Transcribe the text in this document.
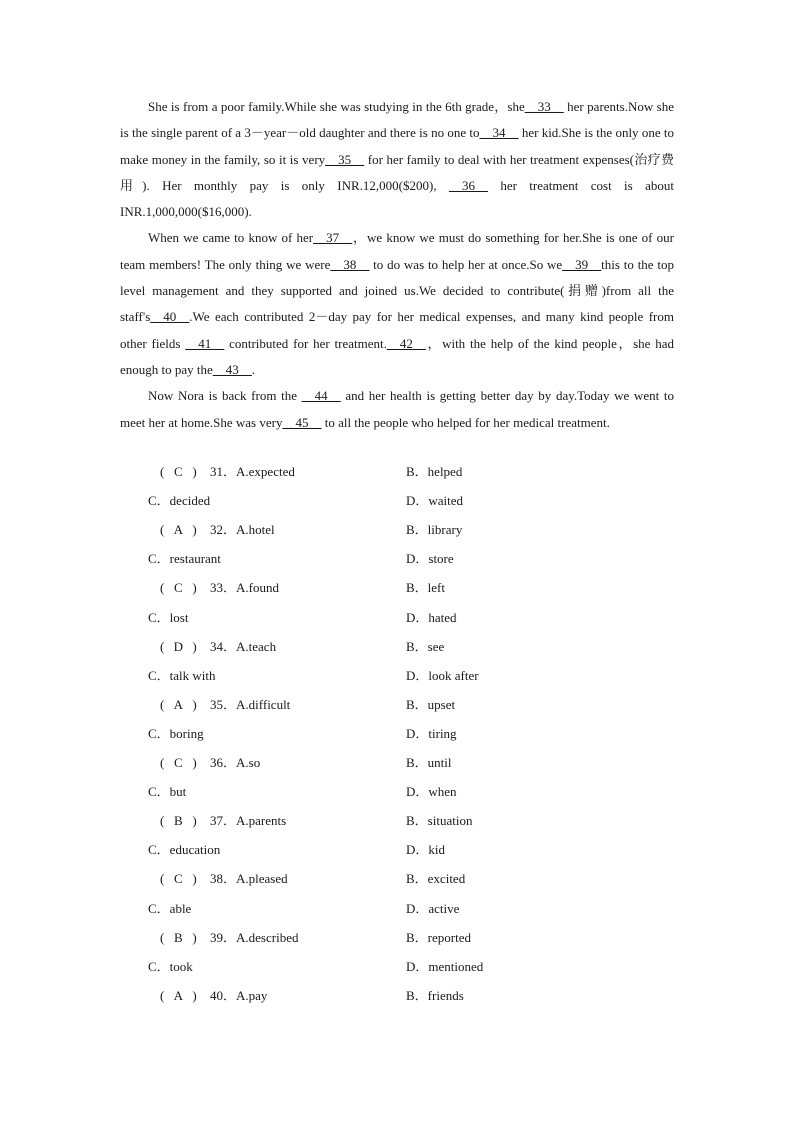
She is from a poor family.While she was studying in the 6th grade，she__33__ her parents.Now she is the single parent of a 3－year－old daughter and there is no one to__34__ her kid.She is the only one to make money in the family, so it is very__35__ for her family to deal with her treatment expenses(治疗费用). Her monthly pay is only INR.12,000($200), __36__ her treatment cost is about INR.1,000,000($16,000).

When we came to know of her__37__，we know we must do something for her.She is one of our team members! The only thing we were__38__ to do was to help her at once.So we__39__this to the top level management and they supported and joined us.We decided to contribute(捐赠)from all the staff's__40__.We each contributed 2－day pay for her medical expenses, and many kind people from other fields __41__ contributed for her treatment.__42__，with the help of the kind people，she had enough to pay the__43__.

Now Nora is back from the __44__ and her health is getting better day by day.Today we went to meet her at home.She was very__45__ to all the people who helped for her medical treatment.

( C ) 31．A.expected	B．helped
C．decided	D．waited
( A ) 32．A.hotel	B．library
C．restaurant	D．store
( C ) 33．A.found	B．left
C．lost	D．hated
( D ) 34．A.teach	B．see
C．talk with	D．look after
( A ) 35．A.difficult	B．upset
C．boring	D．tiring
( C ) 36．A.so	B．until
C．but	D．when
( B ) 37．A.parents	B．situation
C．education	D．kid
( C ) 38．A.pleased	B．excited
C．able	D．active
( B ) 39．A.described	B．reported
C．took	D．mentioned
( A ) 40．A.pay	B．friends
